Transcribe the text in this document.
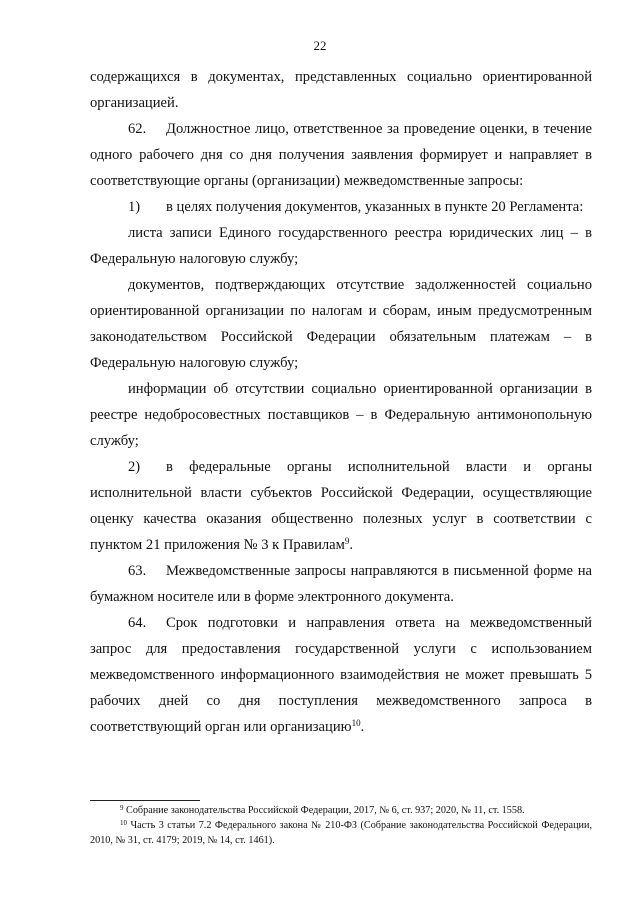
22

содержащихся в документах, представленных социально ориентированной организацией.

62. Должностное лицо, ответственное за проведение оценки, в течение одного рабочего дня со дня получения заявления формирует и направляет в соответствующие органы (организации) межведомственные запросы:

1) в целях получения документов, указанных в пункте 20 Регламента:

листа записи Единого государственного реестра юридических лиц – в Федеральную налоговую службу;

документов, подтверждающих отсутствие задолженностей социально ориентированной организации по налогам и сборам, иным предусмотренным законодательством Российской Федерации обязательным платежам – в Федеральную налоговую службу;

информации об отсутствии социально ориентированной организации в реестре недобросовестных поставщиков – в Федеральную антимонопольную службу;

2) в федеральные органы исполнительной власти и органы исполнительной власти субъектов Российской Федерации, осуществляющие оценку качества оказания общественно полезных услуг в соответствии с пунктом 21 приложения № 3 к Правилам$^9$.

63. Межведомственные запросы направляются в письменной форме на бумажном носителе или в форме электронного документа.

64. Срок подготовки и направления ответа на межведомственный запрос для предоставления государственной услуги с использованием межведомственного информационного взаимодействия не может превышать 5 рабочих дней со дня поступления межведомственного запроса в соответствующий орган или организацию$^{10}$.

$^9$ Собрание законодательства Российской Федерации, 2017, № 6, ст. 937; 2020, № 11, ст. 1558.

$^{10}$ Часть 3 статьи 7.2 Федерального закона № 210-ФЗ (Собрание законодательства Российской Федерации, 2010, № 31, ст. 4179; 2019, № 14, ст. 1461).
